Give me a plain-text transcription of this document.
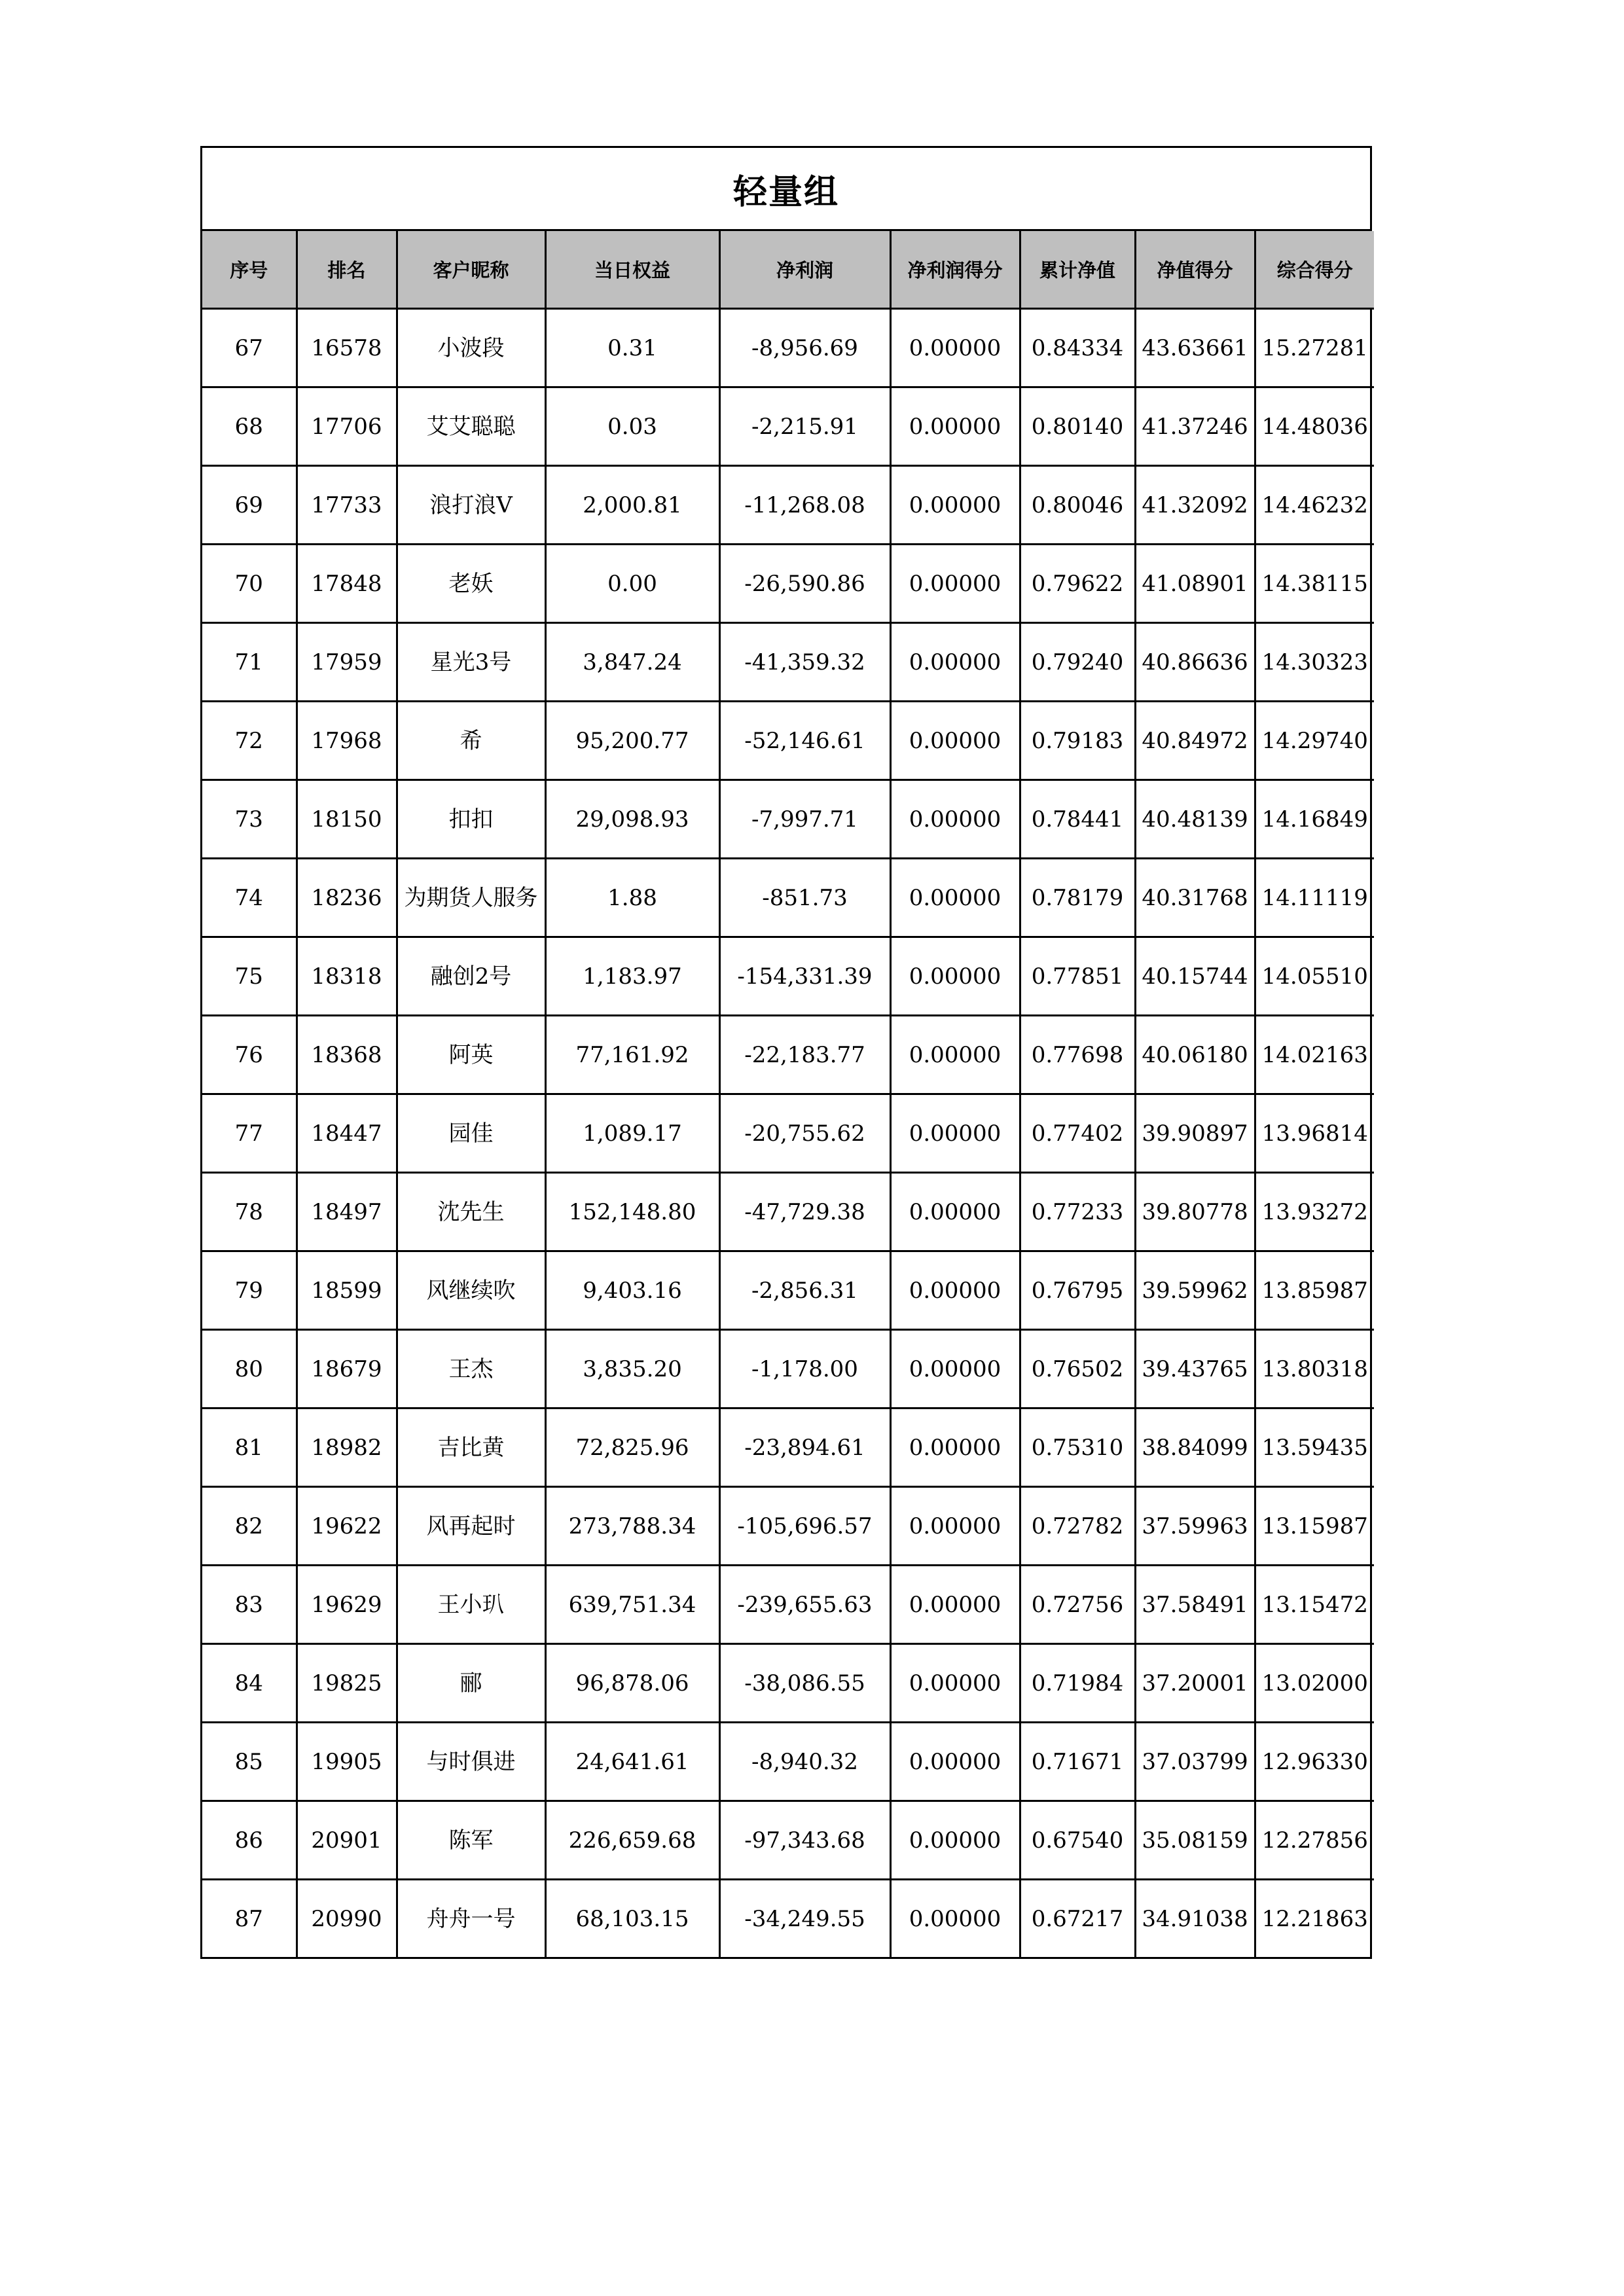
轻量组
序号	排名	客户昵称	当日权益	净利润	净利润得分	累计净值	净值得分	综合得分
67	16578	小波段	0.31	-8,956.69	0.00000	0.84334	43.63661	15.27281
68	17706	艾艾聪聪	0.03	-2,215.91	0.00000	0.80140	41.37246	14.48036
69	17733	浪打浪V	2,000.81	-11,268.08	0.00000	0.80046	41.32092	14.46232
70	17848	老妖	0.00	-26,590.86	0.00000	0.79622	41.08901	14.38115
71	17959	星光3号	3,847.24	-41,359.32	0.00000	0.79240	40.86636	14.30323
72	17968	希	95,200.77	-52,146.61	0.00000	0.79183	40.84972	14.29740
73	18150	扣扣	29,098.93	-7,997.71	0.00000	0.78441	40.48139	14.16849
74	18236	为期货人服务	1.88	-851.73	0.00000	0.78179	40.31768	14.11119
75	18318	融创2号	1,183.97	-154,331.39	0.00000	0.77851	40.15744	14.05510
76	18368	阿英	77,161.92	-22,183.77	0.00000	0.77698	40.06180	14.02163
77	18447	园佳	1,089.17	-20,755.62	0.00000	0.77402	39.90897	13.96814
78	18497	沈先生	152,148.80	-47,729.38	0.00000	0.77233	39.80778	13.93272
79	18599	风继续吹	9,403.16	-2,856.31	0.00000	0.76795	39.59962	13.85987
80	18679	王杰	3,835.20	-1,178.00	0.00000	0.76502	39.43765	13.80318
81	18982	吉比黄	72,825.96	-23,894.61	0.00000	0.75310	38.84099	13.59435
82	19622	风再起时	273,788.34	-105,696.57	0.00000	0.72782	37.59963	13.15987
83	19629	王小玐	639,751.34	-239,655.63	0.00000	0.72756	37.58491	13.15472
84	19825	郦	96,878.06	-38,086.55	0.00000	0.71984	37.20001	13.02000
85	19905	与时俱进	24,641.61	-8,940.32	0.00000	0.71671	37.03799	12.96330
86	20901	陈军	226,659.68	-97,343.68	0.00000	0.67540	35.08159	12.27856
87	20990	舟舟一号	68,103.15	-34,249.55	0.00000	0.67217	34.91038	12.21863
